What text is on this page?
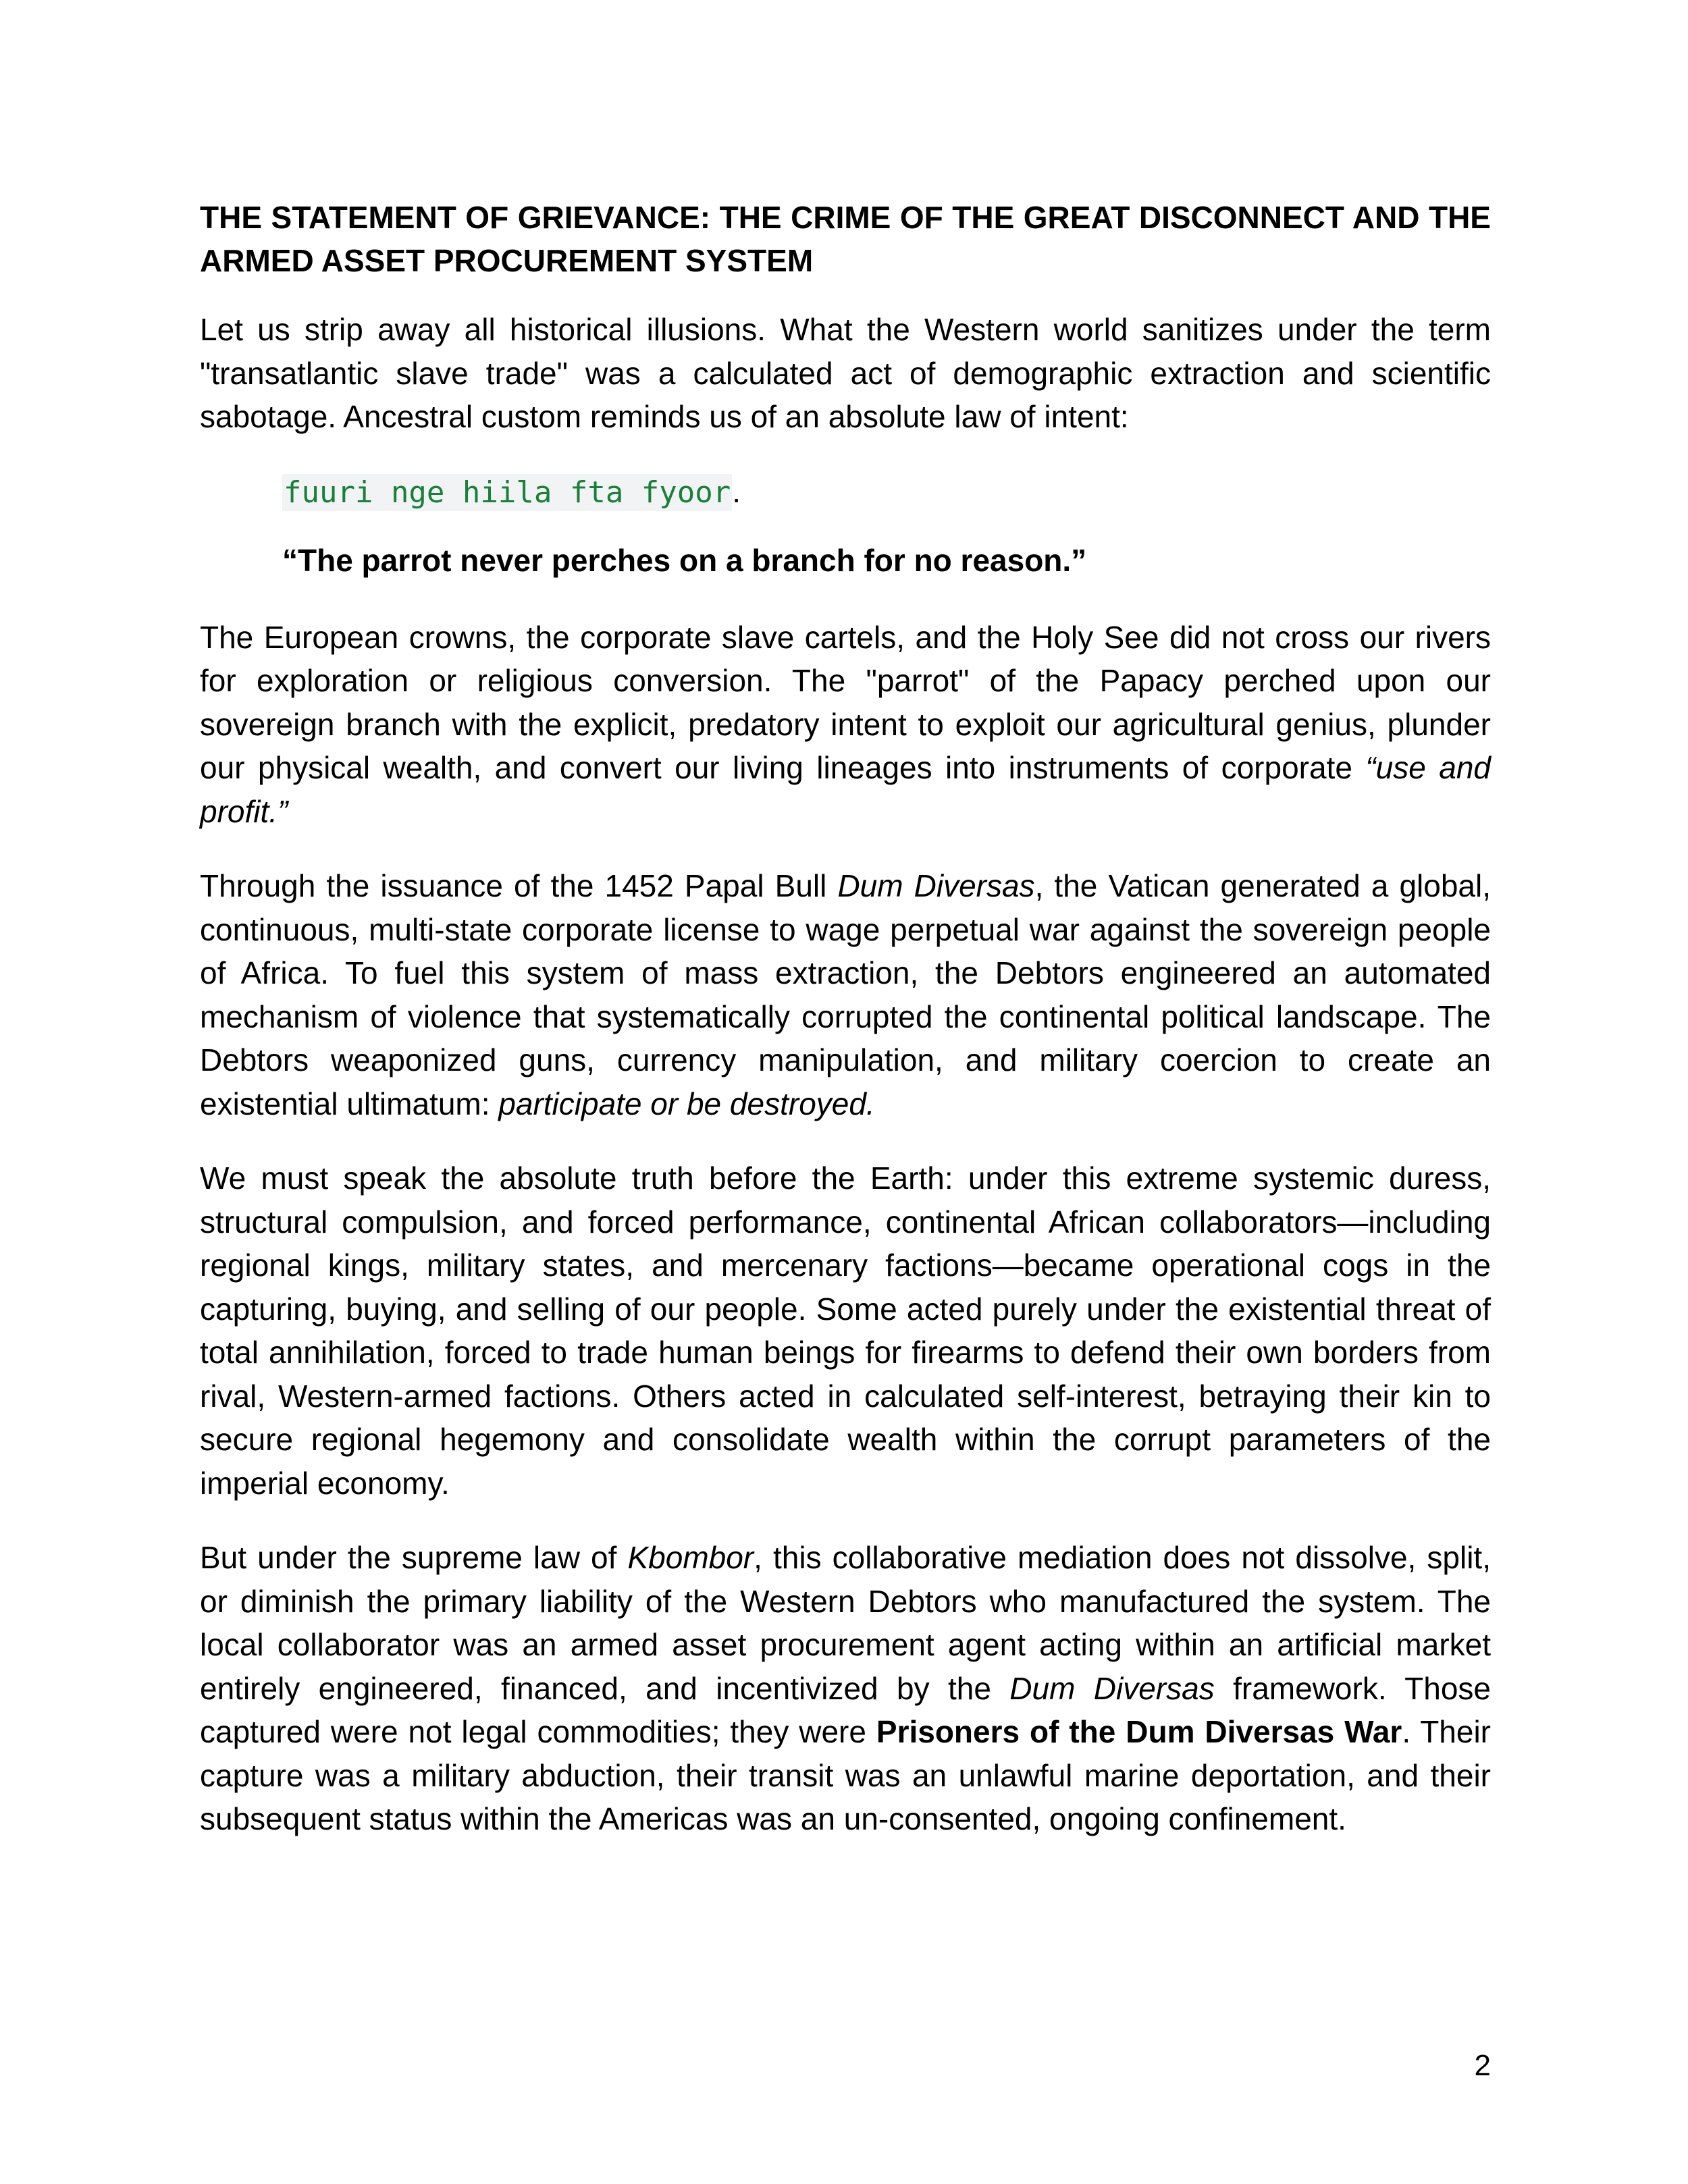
THE STATEMENT OF GRIEVANCE: THE CRIME OF THE GREAT DISCONNECT AND THE ARMED ASSET PROCUREMENT SYSTEM

Let us strip away all historical illusions. What the Western world sanitizes under the term "transatlantic slave trade" was a calculated act of demographic extraction and scientific sabotage. Ancestral custom reminds us of an absolute law of intent:

fuuri nge hiila fta fyoor.
“The parrot never perches on a branch for no reason.”

The European crowns, the corporate slave cartels, and the Holy See did not cross our rivers for exploration or religious conversion. The "parrot" of the Papacy perched upon our sovereign branch with the explicit, predatory intent to exploit our agricultural genius, plunder our physical wealth, and convert our living lineages into instruments of corporate “use and profit.”

Through the issuance of the 1452 Papal Bull Dum Diversas, the Vatican generated a global, continuous, multi-state corporate license to wage perpetual war against the sovereign people of Africa. To fuel this system of mass extraction, the Debtors engineered an automated mechanism of violence that systematically corrupted the continental political landscape. The Debtors weaponized guns, currency manipulation, and military coercion to create an existential ultimatum: participate or be destroyed.

We must speak the absolute truth before the Earth: under this extreme systemic duress, structural compulsion, and forced performance, continental African collaborators—including regional kings, military states, and mercenary factions—became operational cogs in the capturing, buying, and selling of our people. Some acted purely under the existential threat of total annihilation, forced to trade human beings for firearms to defend their own borders from rival, Western-armed factions. Others acted in calculated self-interest, betraying their kin to secure regional hegemony and consolidate wealth within the corrupt parameters of the imperial economy.

But under the supreme law of Kbombor, this collaborative mediation does not dissolve, split, or diminish the primary liability of the Western Debtors who manufactured the system. The local collaborator was an armed asset procurement agent acting within an artificial market entirely engineered, financed, and incentivized by the Dum Diversas framework. Those captured were not legal commodities; they were Prisoners of the Dum Diversas War. Their capture was a military abduction, their transit was an unlawful marine deportation, and their subsequent status within the Americas was an un-consented, ongoing confinement.

2
